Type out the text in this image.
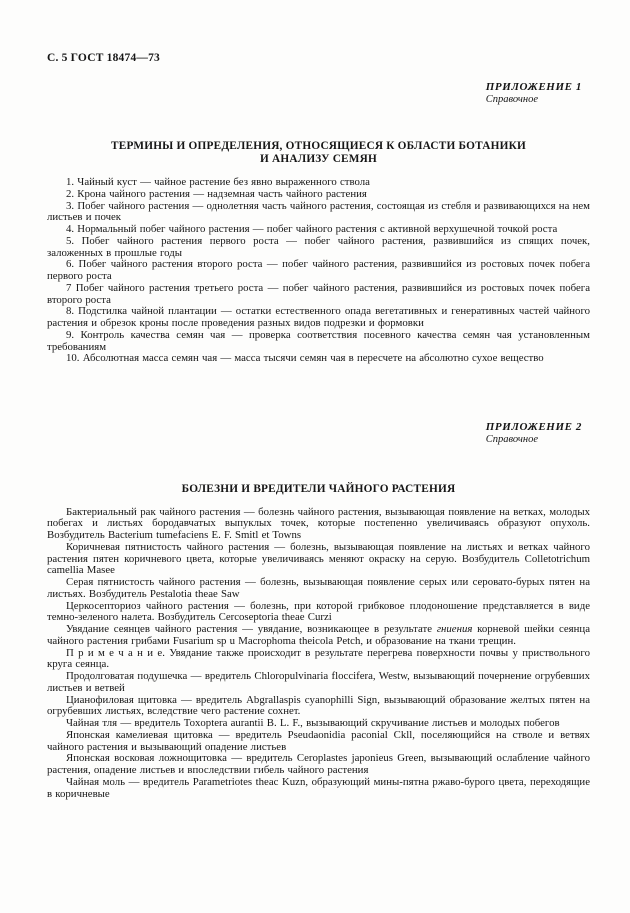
С. 5 ГОСТ 18474—73
ПРИЛОЖЕНИЕ 1
Справочное
ТЕРМИНЫ И ОПРЕДЕЛЕНИЯ, ОТНОСЯЩИЕСЯ К ОБЛАСТИ БОТАНИКИ
И АНАЛИЗУ СЕМЯН

1. Чайный куст — чайное растение без явно выраженного ствола

2. Крона чайного растения — надземная часть чайного растения

3. Побег чайного растения — однолетняя часть чайного растения, состоящая из стебля и развивающихся на нем листьев и почек

4. Нормальный побег чайного растения — побег чайного растения с активной верхушечной точкой роста

5. Побег чайного растения первого роста — побег чайного растения, развившийся из спящих почек, заложенных в прошлые годы

6. Побег чайного растения второго роста — побег чайного растения, развившийся из ростовых почек побега первого роста

7 Побег чайного растения третьего роста — побег чайного растения, развившийся из ростовых почек побега второго роста

8. Подстилка чайной плантации — остатки естественного опада вегетативных и генеративных частей чайного растения и обрезок кроны после проведения разных видов подрезки и формовки

9. Контроль качества семян чая — проверка соответствия посевного качества семян чая установленным требованиям

10. Абсолютная масса семян чая — масса тысячи семян чая в пересчете на абсолютно сухое вещество

ПРИЛОЖЕНИЕ 2
Справочное
БОЛЕЗНИ И ВРЕДИТЕЛИ ЧАЙНОГО РАСТЕНИЯ

Бактериальный рак чайного растения — болезнь чайного растения, вызывающая появление на ветках, молодых побегах и листьях бородавчатых выпуклых точек, которые постепенно увеличиваясь образуют опухоль. Возбудитель Bacterium tumefaciens E. F. Smitl et Towns

Коричневая пятнистость чайного растения — болезнь, вызывающая появление на листьях и ветках чайного растения пятен коричневого цвета, которые увеличиваясь меняют окраску на серую. Возбудитель Colletotrichum camellia Masee

Серая пятнистость чайного растения — болезнь, вызывающая появление серых или серовато-бурых пятен на листьях. Возбудитель Pestalotia theae Saw

Церкосепториоз чайного растения — болезнь, при которой грибковое плодоношение представляется в виде темно-зеленого налета. Возбудитель Cercoseptoria theae Curzi

Увядание сеянцев чайного растения — увядание, возникающее в результате гниения корневой шейки сеянца чайного растения грибами Fusarium sp u Macrophoma theicola Petch, и образование на ткани трещин.

П р и м е ч а н и е. Увядание также происходит в результате перегрева поверхности почвы у приствольного круга сеянца.

Продолговатая подушечка — вредитель Chloropulvinaria floccifera, Westw, вызывающий почернение огрубевших листьев и ветвей

Цианофиловая щитовка — вредитель Abgrallaspis cyanophilli Sign, вызывающий образование желтых пятен на огрубевших листьях, вследствие чего растение сохнет.

Чайная тля — вредитель Toxoptera aurantii B. L. F., вызывающий скручивание листьев и молодых побегов

Японская камелиевая щитовка — вредитель Pseudaonidia paconial Ckll, поселяющийся на стволе и ветвях чайного растения и вызывающий опадение листьев

Японская восковая ложнощитовка — вредитель Ceroplastes japonieus Green, вызывающий ослабление чайного растения, опадение листьев и впоследствии гибель чайного растения

Чайная моль — вредитель Parametriotes theac Kuzn, образующий мины-пятна ржаво-бурого цвета, переходящие в коричневые
